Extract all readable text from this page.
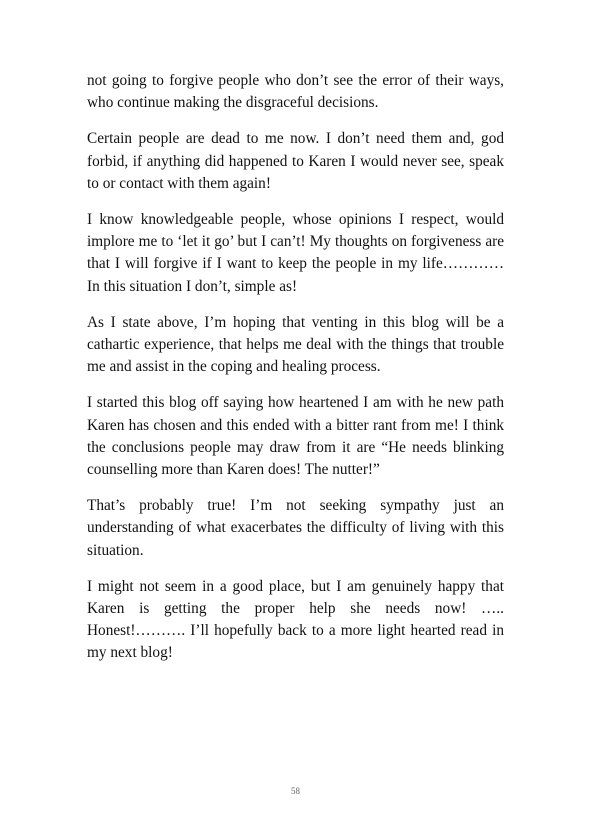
not going to forgive people who don’t see the error of their ways, who continue making the disgraceful decisions.

Certain people are dead to me now. I don’t need them and, god forbid, if anything did happened to Karen I would never see, speak to or contact with them again!

I know knowledgeable people, whose opinions I respect, would implore me to ‘let it go’ but I can’t! My thoughts on forgiveness are that I will forgive if I want to keep the people in my life………… In this situation I don’t, simple as!

As I state above, I’m hoping that venting in this blog will be a cathartic experience, that helps me deal with the things that trouble me and assist in the coping and healing process.

I started this blog off saying how heartened I am with he new path Karen has chosen and this ended with a bitter rant from me! I think the conclusions people may draw from it are “He needs blinking counselling more than Karen does! The nutter!”

That’s probably true! I’m not seeking sympathy just an understanding of what exacerbates the difficulty of living with this situation.

I might not seem in a good place, but I am genuinely happy that Karen is getting the proper help she needs now! ….. Honest!………. I’ll hopefully back to a more light hearted read in my next blog!

58
